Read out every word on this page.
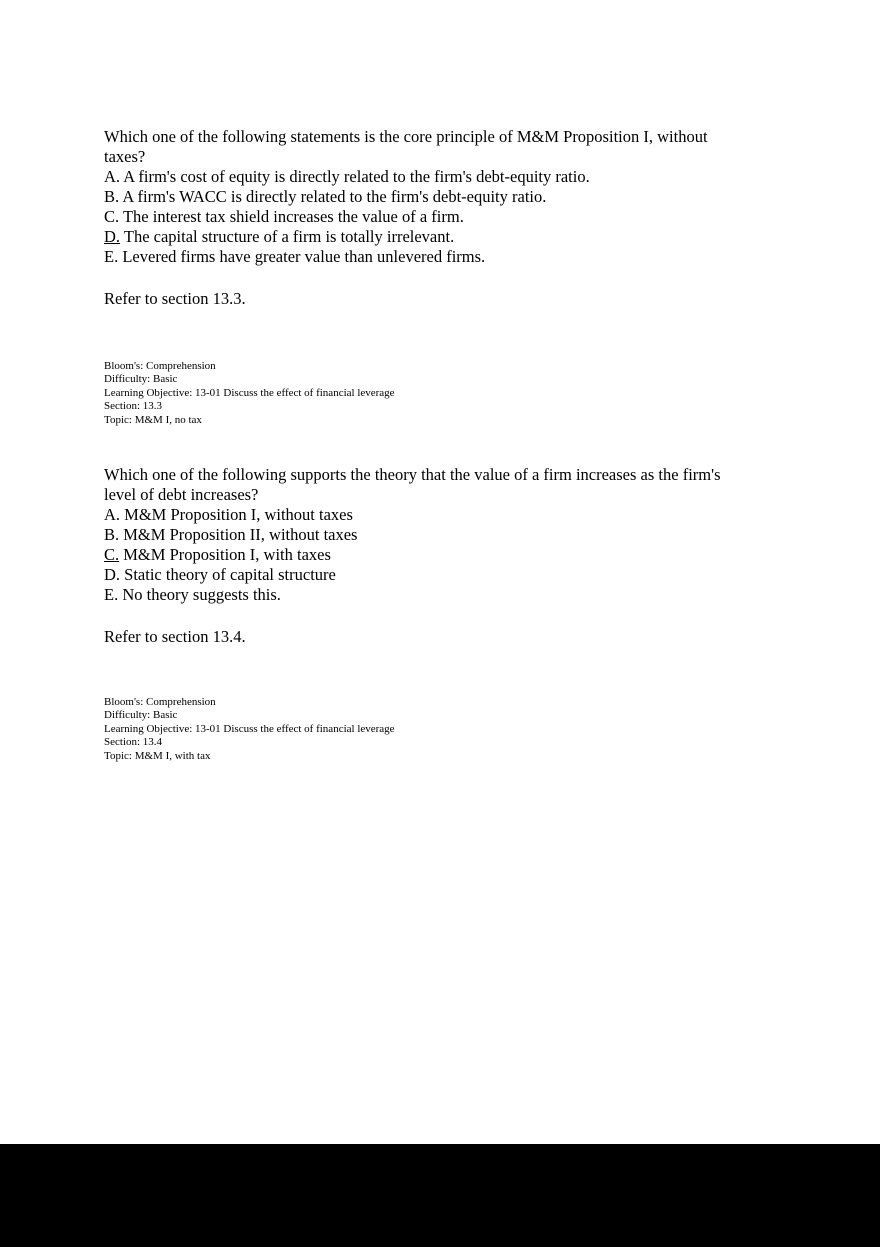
Which one of the following statements is the core principle of M&M Proposition I, without
taxes?
A. A firm's cost of equity is directly related to the firm's debt-equity ratio.
B. A firm's WACC is directly related to the firm's debt-equity ratio.
C. The interest tax shield increases the value of a firm.
D. The capital structure of a firm is totally irrelevant.
E. Levered firms have greater value than unlevered firms.
Refer to section 13.3.
Bloom's: Comprehension
Difficulty: Basic
Learning Objective: 13-01 Discuss the effect of financial leverage
Section: 13.3
Topic: M&M I, no tax
Which one of the following supports the theory that the value of a firm increases as the firm's
level of debt increases?
A. M&M Proposition I, without taxes
B. M&M Proposition II, without taxes
C. M&M Proposition I, with taxes
D. Static theory of capital structure
E. No theory suggests this.
Refer to section 13.4.
Bloom's: Comprehension
Difficulty: Basic
Learning Objective: 13-01 Discuss the effect of financial leverage
Section: 13.4
Topic: M&M I, with tax
